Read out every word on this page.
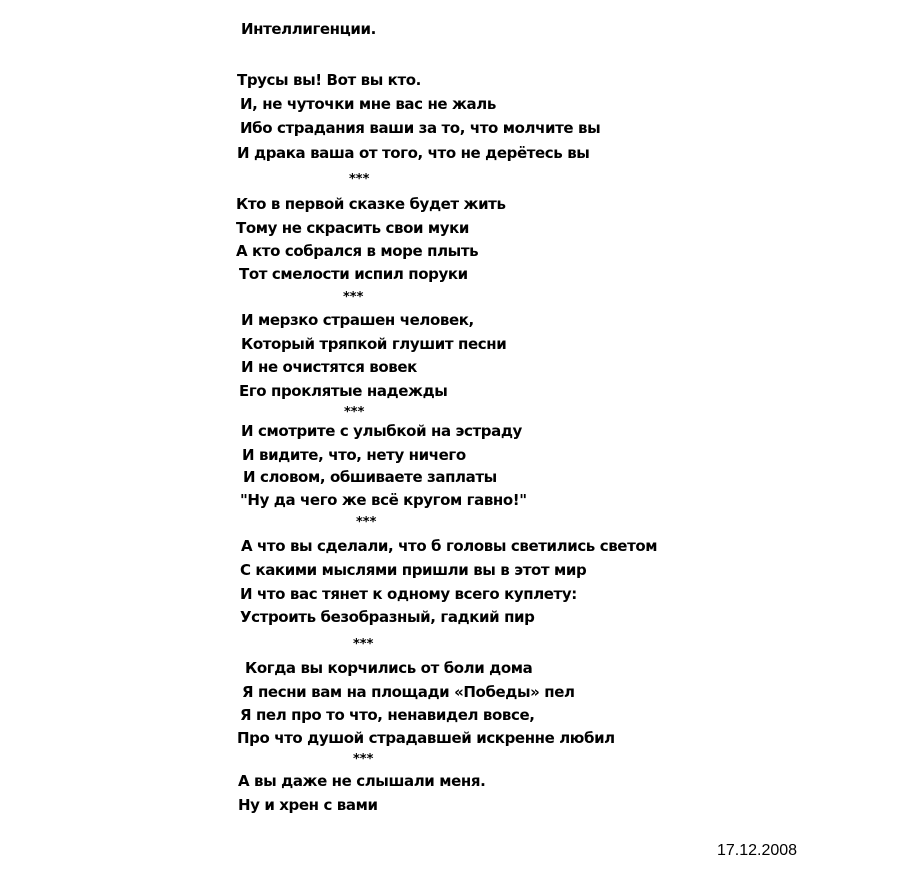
Интеллигенции.
Трусы вы! Вот вы кто.
И, не чуточки мне вас не жаль
Ибо страдания ваши за то, что молчите вы
И драка ваша от того, что не дерётесь вы
***
Кто в первой сказке будет жить
Тому не скрасить свои муки
А кто собрался в море плыть
Тот смелости испил поруки
***
И мерзко страшен человек,
Который тряпкой глушит песни
И не очистятся вовек
Его проклятые надежды
***
И смотрите с улыбкой на эстраду
И видите, что, нету ничего
И словом, обшиваете заплаты
"Ну да чего же всё кругом гавно!"
***
А что вы сделали, что б головы светились светом
С какими мыслями пришли вы в этот мир
И что вас тянет к одному всего куплету:
Устроить безобразный, гадкий пир
***
Когда вы корчились от боли дома
Я песни вам на площади «Победы» пел
Я пел про то что, ненавидел вовсе,
Про что душой страдавшей искренне любил
***
А вы даже не слышали меня.
Ну и хрен с вами
17.12.2008
